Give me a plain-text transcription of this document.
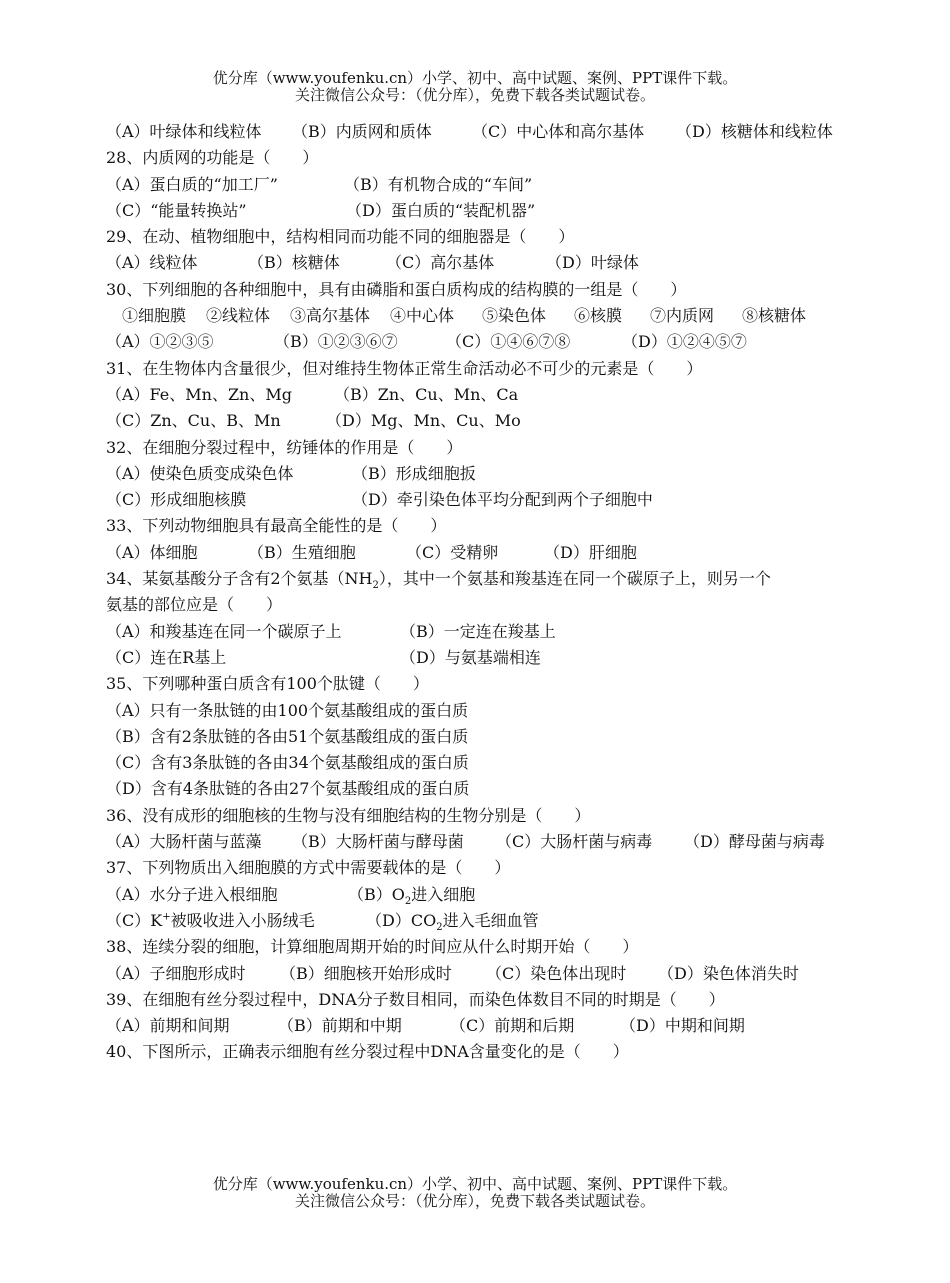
优分库（www.youfenku.cn）小学、初中、高中试题、案例、PPT课件下载。
关注微信公众号：（优分库），免费下载各类试题试卷。
（A）叶绿体和线粒体 （B）内质网和质体	（C）中心体和高尔基体 （D）核糖体和线粒体
28、内质网的功能是（　　）
（A）蛋白质的“加工厂”	（B）有机物合成的“车间”
（C）“能量转换站”	（D）蛋白质的“装配机器”
29、在动、植物细胞中，结构相同而功能不同的细胞器是（　　）
（A）线粒体	（B）核糖体	（C）高尔基体	（D）叶绿体
30、下列细胞的各种细胞中，具有由磷脂和蛋白质构成的结构膜的一组是（　　）
①细胞膜 ②线粒体 ③高尔基体 ④中心体 ⑤染色体 ⑥核膜 ⑦内质网 ⑧核糖体
（A）①②③⑤	（B）①②③⑥⑦	（C）①④⑥⑦⑧	（D）①②④⑤⑦
31、在生物体内含量很少，但对维持生物体正常生命活动必不可少的元素是（　　）
（A）Fe、Mn、Zn、Mg	（B）Zn、Cu、Mn、Ca
（C）Zn、Cu、B、Mn	（D）Mg、Mn、Cu、Mo
32、在细胞分裂过程中，纺锤体的作用是（　　）
（A）使染色质变成染色体	（B）形成细胞扳
（C）形成细胞核膜	（D）牵引染色体平均分配到两个子细胞中
33、下列动物细胞具有最高全能性的是（　　）
（A）体细胞	（B）生殖细胞	（C）受精卵	（D）肝细胞
34、某氨基酸分子含有2个氨基$(NH_2)$，其中一个氨基和羧基连在同一个碳原子上，则另一个
氨基的部位应是（　　）
（A）和羧基连在同一个碳原子上	（B）一定连在羧基上
（C）连在R基上	（D）与氨基端相连
35、下列哪种蛋白质含有100个肽键（　　）
（A）只有一条肽链的由100个氨基酸组成的蛋白质
（B）含有2条肽链的各由51个氨基酸组成的蛋白质
（C）含有3条肽链的各由34个氨基酸组成的蛋白质
（D）含有4条肽链的各由27个氨基酸组成的蛋白质
36、没有成形的细胞核的生物与没有细胞结构的生物分别是（　　）
（A）大肠杆菌与蓝藻 （B）大肠杆菌与酵母菌 （C）大肠杆菌与病毒 （D）酵母菌与病毒
37、下列物质出入细胞膜的方式中需要载体的是（　　）
（A）水分子进入根细胞	$(B)O_2$进入细胞
（C）K+被吸收进入小肠绒毛	$(D)CO_2$进入毛细血管
38、连续分裂的细胞，计算细胞周期开始的时间应从什么时期开始（　　）
（A）子细胞形成时 （B）细胞核开始形成时 （C）染色体出现时 （D）染色体消失时
39、在细胞有丝分裂过程中，DNA分子数目相同，而染色体数目不同的时期是（　　）
（A）前期和间期	（B）前期和中期	（C）前期和后期	（D）中期和间期
40、下图所示，正确表示细胞有丝分裂过程中DNA含量变化的是（　　）
优分库（www.youfenku.cn）小学、初中、高中试题、案例、PPT课件下载。
关注微信公众号：（优分库），免费下载各类试题试卷。
